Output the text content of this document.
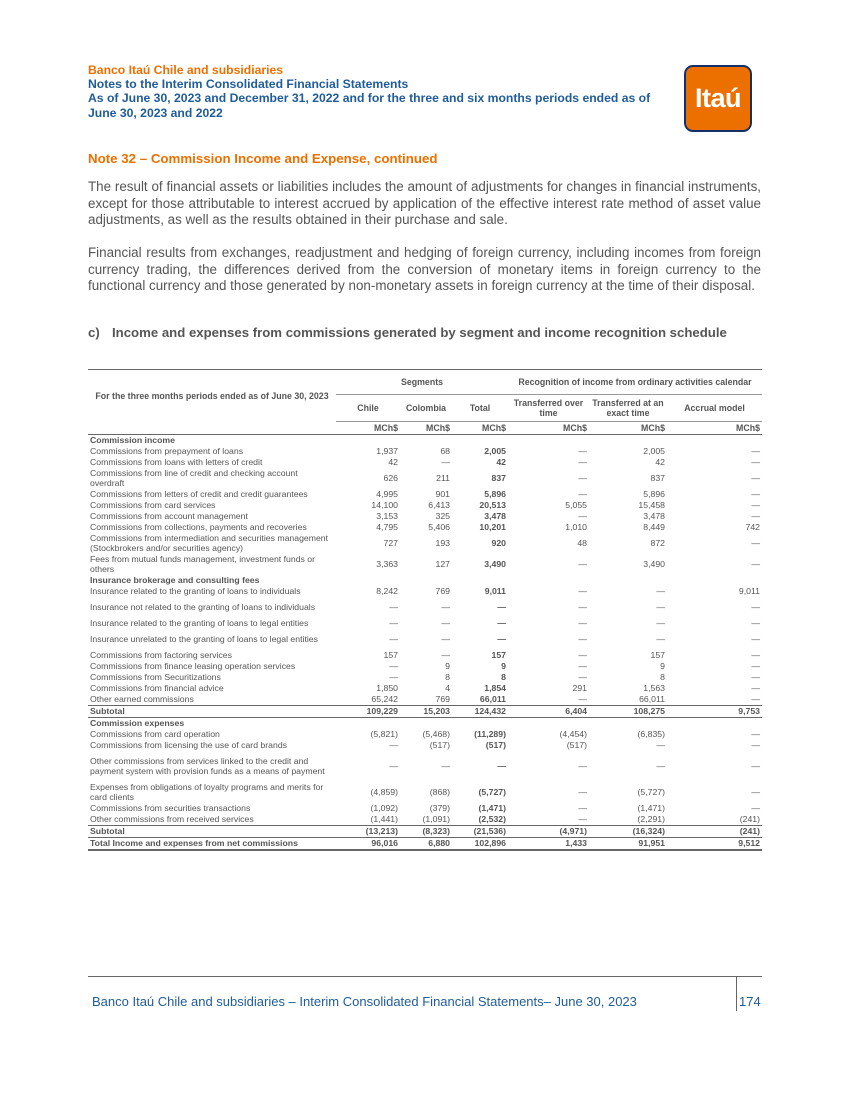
Banco Itaú Chile and subsidiaries
Notes to the Interim Consolidated Financial Statements
As of June 30, 2023 and December 31, 2022 and for the three and six months periods ended as of June 30, 2023 and 2022	Itaú
Note 32 – Commission Income and Expense, continued
The result of financial assets or liabilities includes the amount of adjustments for changes in financial instruments, except for those attributable to interest accrued by application of the effective interest rate method of asset value adjustments, as well as the results obtained in their purchase and sale.
Financial results from exchanges, readjustment and hedging of foreign currency, including incomes from foreign currency trading, the differences derived from the conversion of monetary items in foreign currency to the functional currency and those generated by non-monetary assets in foreign currency at the time of their disposal.
c) Income and expenses from commissions generated by segment and income recognition schedule

For the three months periods ended as of June 30, 2023	Segments			Recognition of income from ordinary activities calendar		
	Chile	Colombia	Total	Transferred over time	Transferred at an exact time	Accrual model
	MCh$	MCh$	MCh$	MCh$	MCh$	MCh$
Commission income						
Commissions from prepayment of loans	1,937	68	2,005	—	2,005	—
Commissions from loans with letters of credit	42	—	42	—	42	—
Commissions from line of credit and checking account overdraft	626	211	837	—	837	—
Commissions from letters of credit and credit guarantees	4,995	901	5,896	—	5,896	—
Commissions from card services	14,100	6,413	20,513	5,055	15,458	—
Commissions from account management	3,153	325	3,478	—	3,478	—
Commissions from collections, payments and recoveries	4,795	5,406	10,201	1,010	8,449	742
Commissions from intermediation and securities management (Stockbrokers and/or securities agency)	727	193	920	48	872	—
Fees from mutual funds management, investment funds or others	3,363	127	3,490	—	3,490	—
Insurance brokerage and consulting fees						
Insurance related to the granting of loans to individuals	8,242	769	9,011	—	—	9,011
Insurance not related to the granting of loans to individuals	—	—	—	—	—	—
Insurance related to the granting of loans to legal entities	—	—	—	—	—	—
Insurance unrelated to the granting of loans to legal entities	—	—	—	—	—	—
Commissions from factoring services	157	—	157	—	157	—
Commissions from finance leasing operation services	—	9	9	—	9	—
Commissions from Securitizations	—	8	8	—	8	—
Commissions from financial advice	1,850	4	1,854	291	1,563	—
Other earned commissions	65,242	769	66,011	—	66,011	—
Subtotal	109,229	15,203	124,432	6,404	108,275	9,753
Commission expenses						
Commissions from card operation	(5,821)	(5,468)	(11,289)	(4,454)	(6,835)	—
Commissions from licensing the use of card brands	—	(517)	(517)	(517)	—	—
Other commissions from services linked to the credit and payment system with provision funds as a means of payment	—	—	—	—	—	—
Expenses from obligations of loyalty programs and merits for card clients	(4,859)	(868)	(5,727)	—	(5,727)	—
Commissions from securities transactions	(1,092)	(379)	(1,471)	—	(1,471)	—
Other commissions from received services	(1,441)	(1,091)	(2,532)	—	(2,291)	(241)
Subtotal	(13,213)	(8,323)	(21,536)	(4,971)	(16,324)	(241)
Total Income and expenses from net commissions	96,016	6,880	102,896	1,433	91,951	9,512
Banco Itaú Chile and subsidiaries – Interim Consolidated Financial Statements– June 30, 2023	174
